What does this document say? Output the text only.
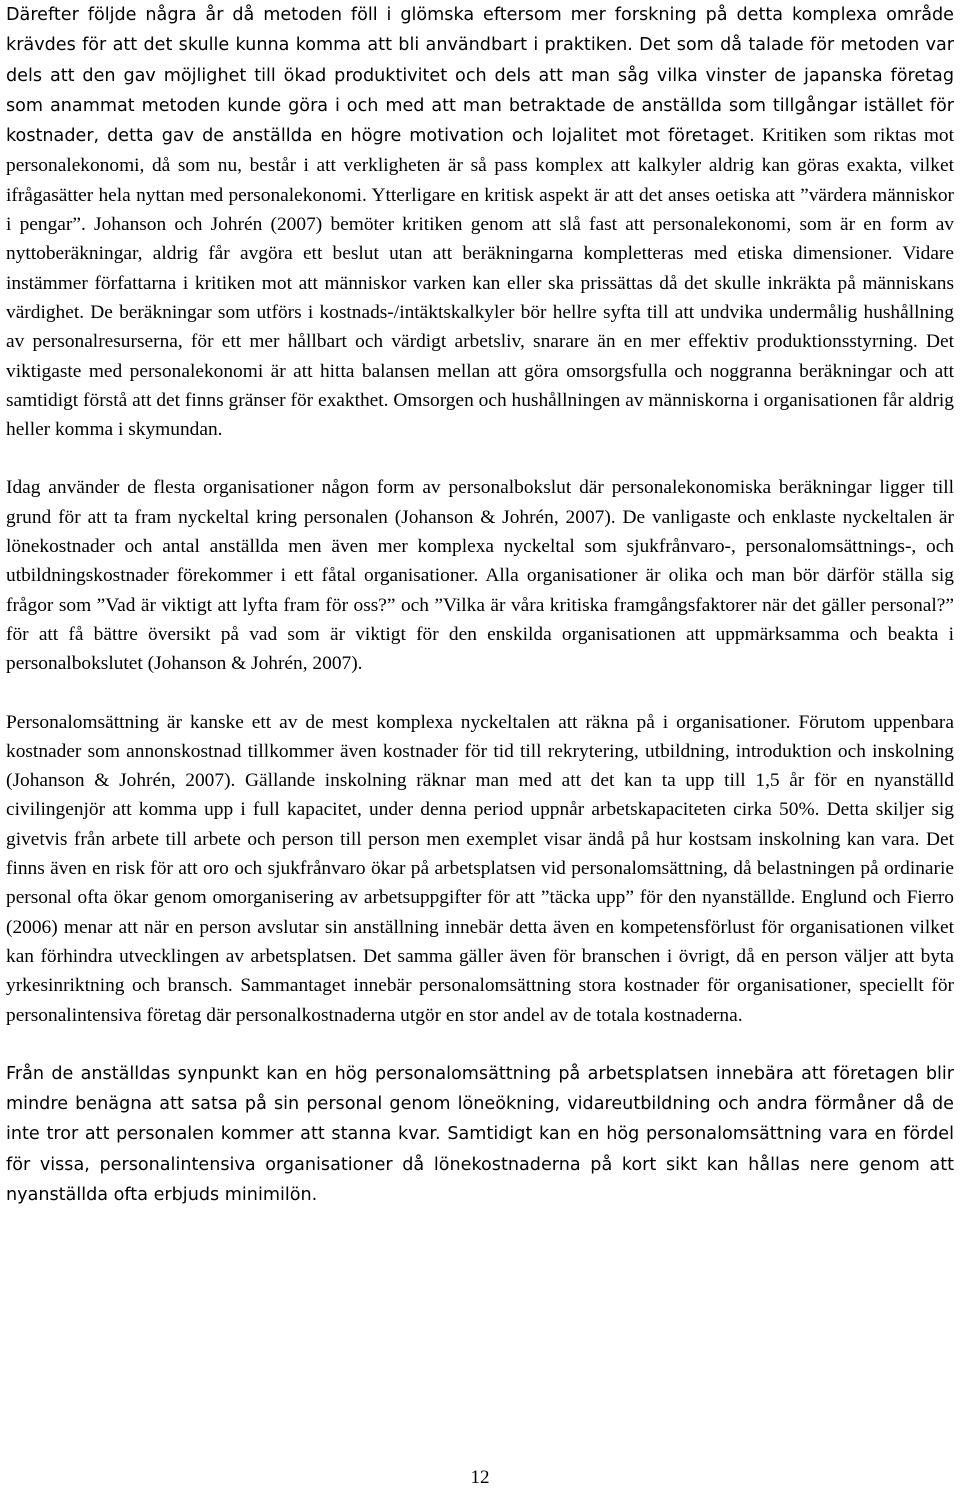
Därefter följde några år då metoden föll i glömska eftersom mer forskning på detta komplexa område krävdes för att det skulle kunna komma att bli användbart i praktiken. Det som då talade för metoden var dels att den gav möjlighet till ökad produktivitet och dels att man såg vilka vinster de japanska företag som anammat metoden kunde göra i och med att man betraktade de anställda som tillgångar istället för kostnader, detta gav de anställda en högre motivation och lojalitet mot företaget. Kritiken som riktas mot personalekonomi, då som nu, består i att verkligheten är så pass komplex att kalkyler aldrig kan göras exakta, vilket ifrågasätter hela nyttan med personalekonomi. Ytterligare en kritisk aspekt är att det anses oetiska att ”värdera människor i pengar”. Johanson och Johrén (2007) bemöter kritiken genom att slå fast att personalekonomi, som är en form av nyttoberäkningar, aldrig får avgöra ett beslut utan att beräkningarna kompletteras med etiska dimensioner. Vidare instämmer författarna i kritiken mot att människor varken kan eller ska prissättas då det skulle inkräkta på människans värdighet. De beräkningar som utförs i kostnads-/intäktskalkyler bör hellre syfta till att undvika undermålig hushållning av personalresurserna, för ett mer hållbart och värdigt arbetsliv, snarare än en mer effektiv produktionsstyrning. Det viktigaste med personalekonomi är att hitta balansen mellan att göra omsorgsfulla och noggranna beräkningar och att samtidigt förstå att det finns gränser för exakthet. Omsorgen och hushållningen av människorna i organisationen får aldrig heller komma i skymundan.

Idag använder de flesta organisationer någon form av personalbokslut där personalekonomiska beräkningar ligger till grund för att ta fram nyckeltal kring personalen (Johanson & Johrén, 2007). De vanligaste och enklaste nyckeltalen är lönekostnader och antal anställda men även mer komplexa nyckeltal som sjukfrånvaro-, personalomsättnings-, och utbildningskostnader förekommer i ett fåtal organisationer. Alla organisationer är olika och man bör därför ställa sig frågor som ”Vad är viktigt att lyfta fram för oss?” och ”Vilka är våra kritiska framgångsfaktorer när det gäller personal?” för att få bättre översikt på vad som är viktigt för den enskilda organisationen att uppmärksamma och beakta i personalbokslutet (Johanson & Johrén, 2007).

Personalomsättning är kanske ett av de mest komplexa nyckeltalen att räkna på i organisationer. Förutom uppenbara kostnader som annonskostnad tillkommer även kostnader för tid till rekrytering, utbildning, introduktion och inskolning (Johanson & Johrén, 2007). Gällande inskolning räknar man med att det kan ta upp till 1,5 år för en nyanställd civilingenjör att komma upp i full kapacitet, under denna period uppnår arbetskapaciteten cirka 50%. Detta skiljer sig givetvis från arbete till arbete och person till person men exemplet visar ändå på hur kostsam inskolning kan vara. Det finns även en risk för att oro och sjukfrånvaro ökar på arbetsplatsen vid personalomsättning, då belastningen på ordinarie personal ofta ökar genom omorganisering av arbetsuppgifter för att ”täcka upp” för den nyanställde. Englund och Fierro (2006) menar att när en person avslutar sin anställning innebär detta även en kompetensförlust för organisationen vilket kan förhindra utvecklingen av arbetsplatsen. Det samma gäller även för branschen i övrigt, då en person väljer att byta yrkesinriktning och bransch. Sammantaget innebär personalomsättning stora kostnader för organisationer, speciellt för personalintensiva företag där personalkostnaderna utgör en stor andel av de totala kostnaderna.

Från de anställdas synpunkt kan en hög personalomsättning på arbetsplatsen innebära att företagen blir mindre benägna att satsa på sin personal genom löneökning, vidareutbildning och andra förmåner då de inte tror att personalen kommer att stanna kvar. Samtidigt kan en hög personalomsättning vara en fördel för vissa, personalintensiva organisationer då lönekostnaderna på kort sikt kan hållas nere genom att nyanställda ofta erbjuds minimilön.

12
